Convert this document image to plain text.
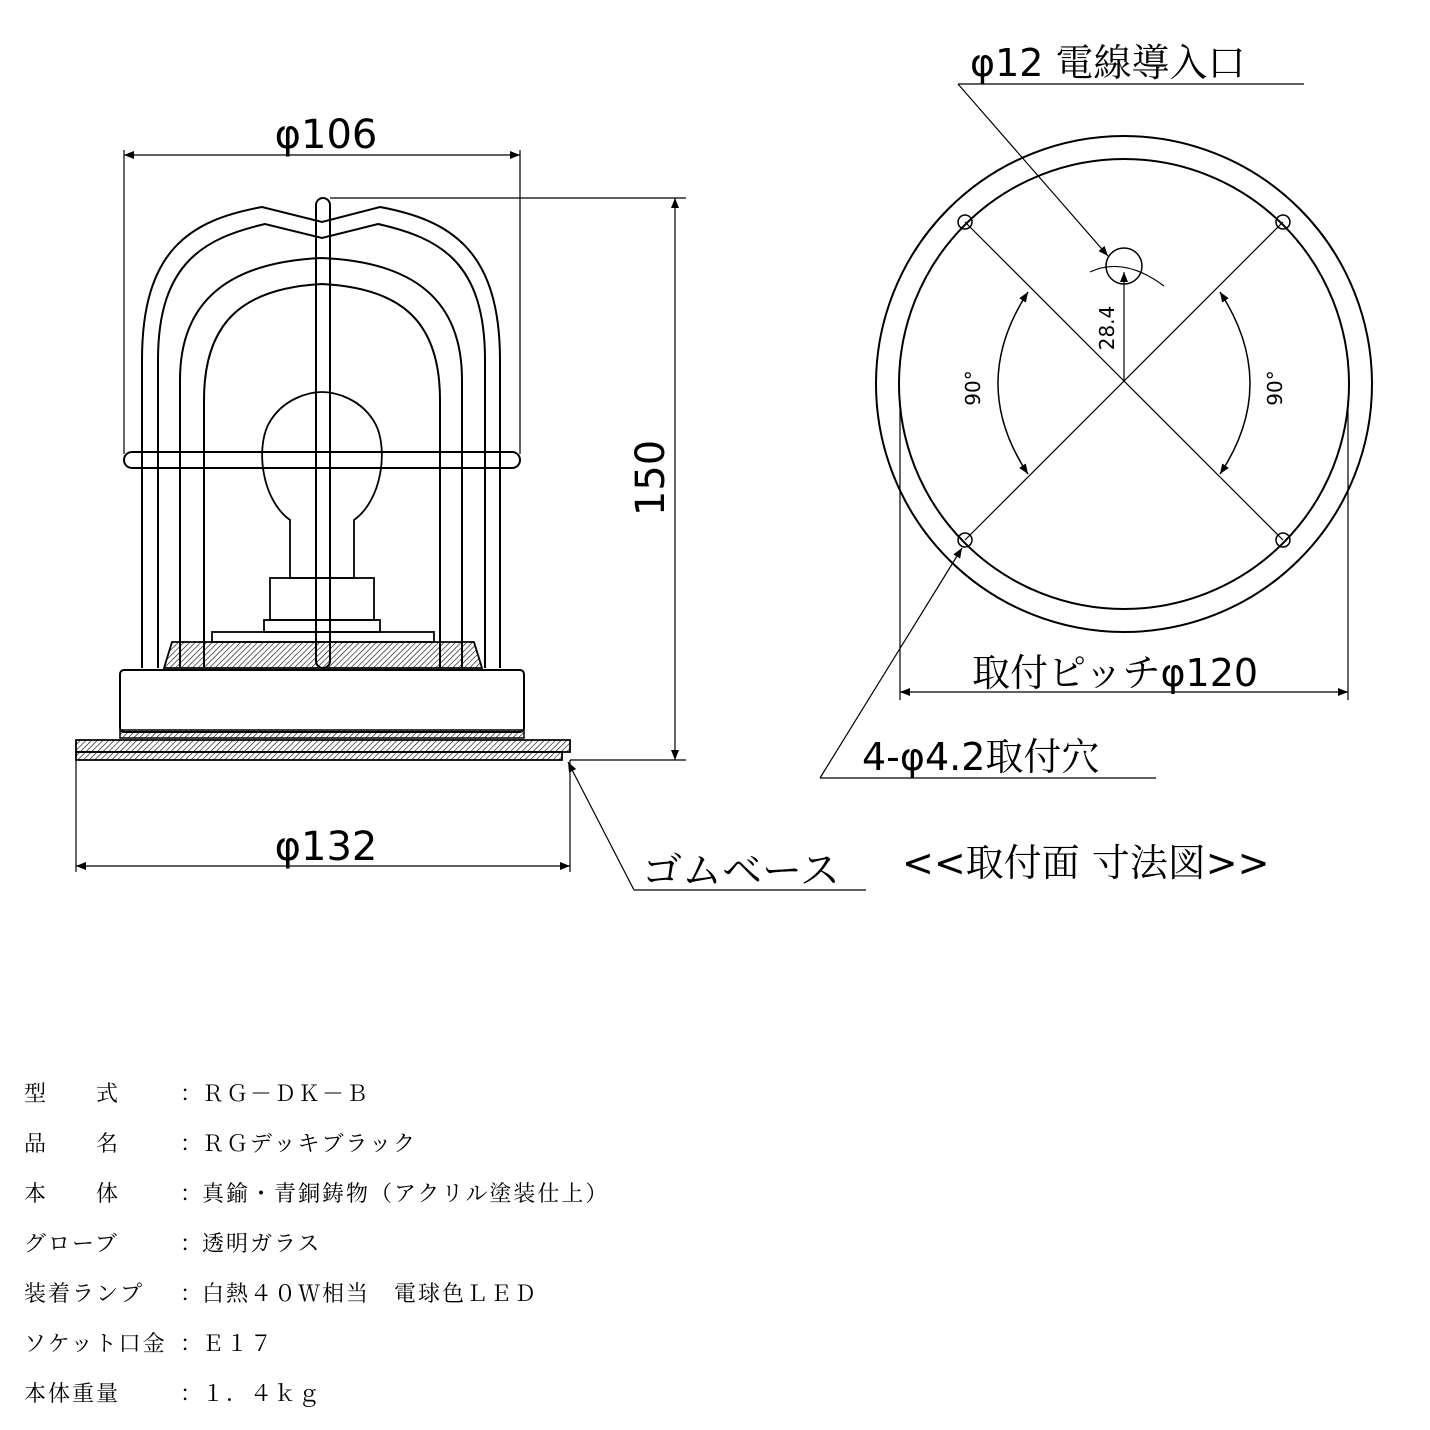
φ106
150
φ132
ゴムベース
φ12 電線導入口
28.4
90°	90°
取付ピッチφ120
4-φ4.2取付穴
<<取付面 寸法図>>
型　　式	：
ＲＧ－ＤＫ－Ｂ
品　　名	：
ＲＧデッキブラック
本　　体	：
真鍮・青銅鋳物（アクリル塗装仕上）
グローブ	：
透明ガラス
装着ランプ ：
白熱４０Ｗ相当　電球色ＬＥＤ
ソケット口金 ：
Ｅ１７
本体重量	：
１．４ｋｇ
